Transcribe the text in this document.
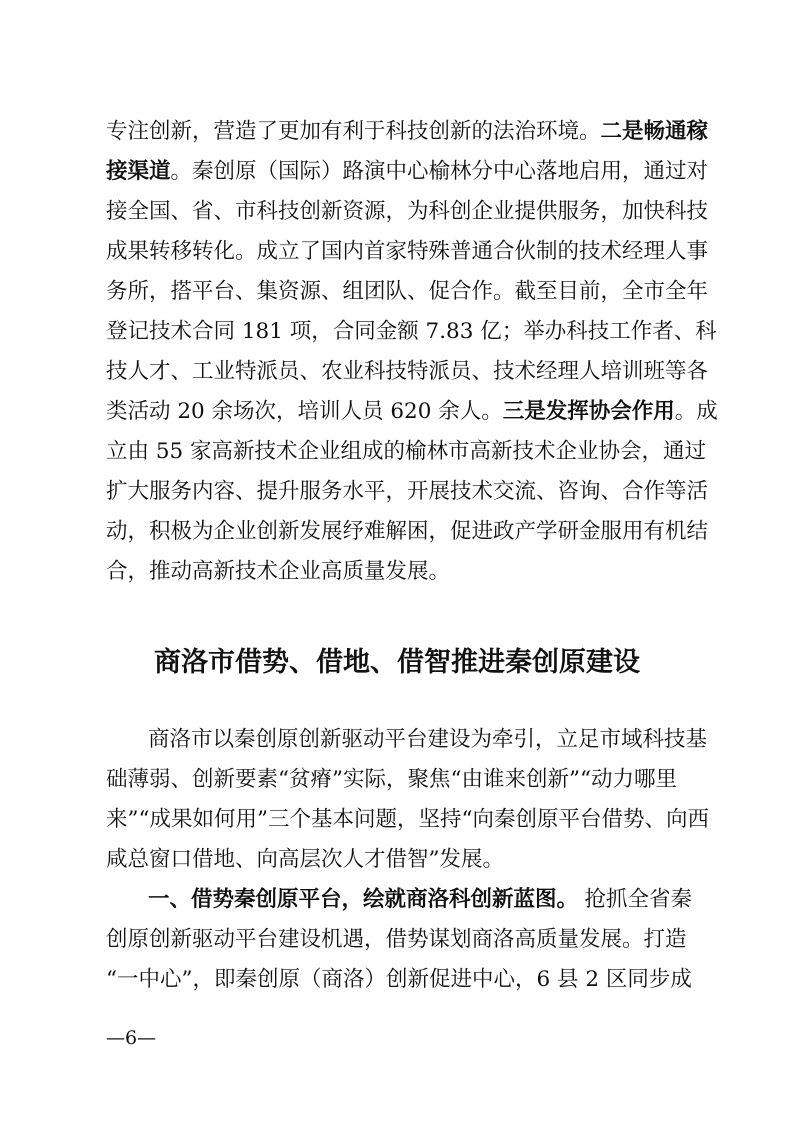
专注创新，营造了更加有利于科技创新的法治环境。 二是畅通稼
接渠道 。秦创原（国际）路演中心榆林分中心落地启用，通过对
接全国、省、市科技创新资源，为科创企业提供服务，加快科技
成果转移转化。成立了国内首家特殊普通合伙制的技术经理人事
务所，搭平台、集资源、组团队、促合作。截至目前，全市全年
登记技术合同 181 项，合同金额 7.83 亿；举办科技工作者、科
技人才、工业特派员、农业科技特派员、技术经理人培训班等各
类活动 20 余场次，培训人员 620 余人。 三是发挥协会作用 。成
立由 55 家高新技术企业组成的榆林市高新技术企业协会，通过
扩大服务内容、提升服务水平，开展技术交流、咨询、合作等活
动，积极为企业创新发展纾难解困，促进政产学研金服用有机结
合，推动高新技术企业高质量发展。
商洛市借势、借地、借智推进秦创原建设
商洛市以秦创原创新驱动平台建设为牵引，立足市域科技基
础薄弱、创新要素“贫瘠”实际，聚焦“由谁来创新”“动力哪里
来”“成果如何用”三个基本问题，坚持“向秦创原平台借势、向西
咸总窗口借地、向高层次人才借智”发展。
一、借势秦创原平台，绘就商洛科创新蓝图。 抢抓全省秦
创原创新驱动平台建设机遇，借势谋划商洛高质量发展。打造
“一中心”，即秦创原（商洛）创新促进中心，6 县 2 区同步成
—6—
